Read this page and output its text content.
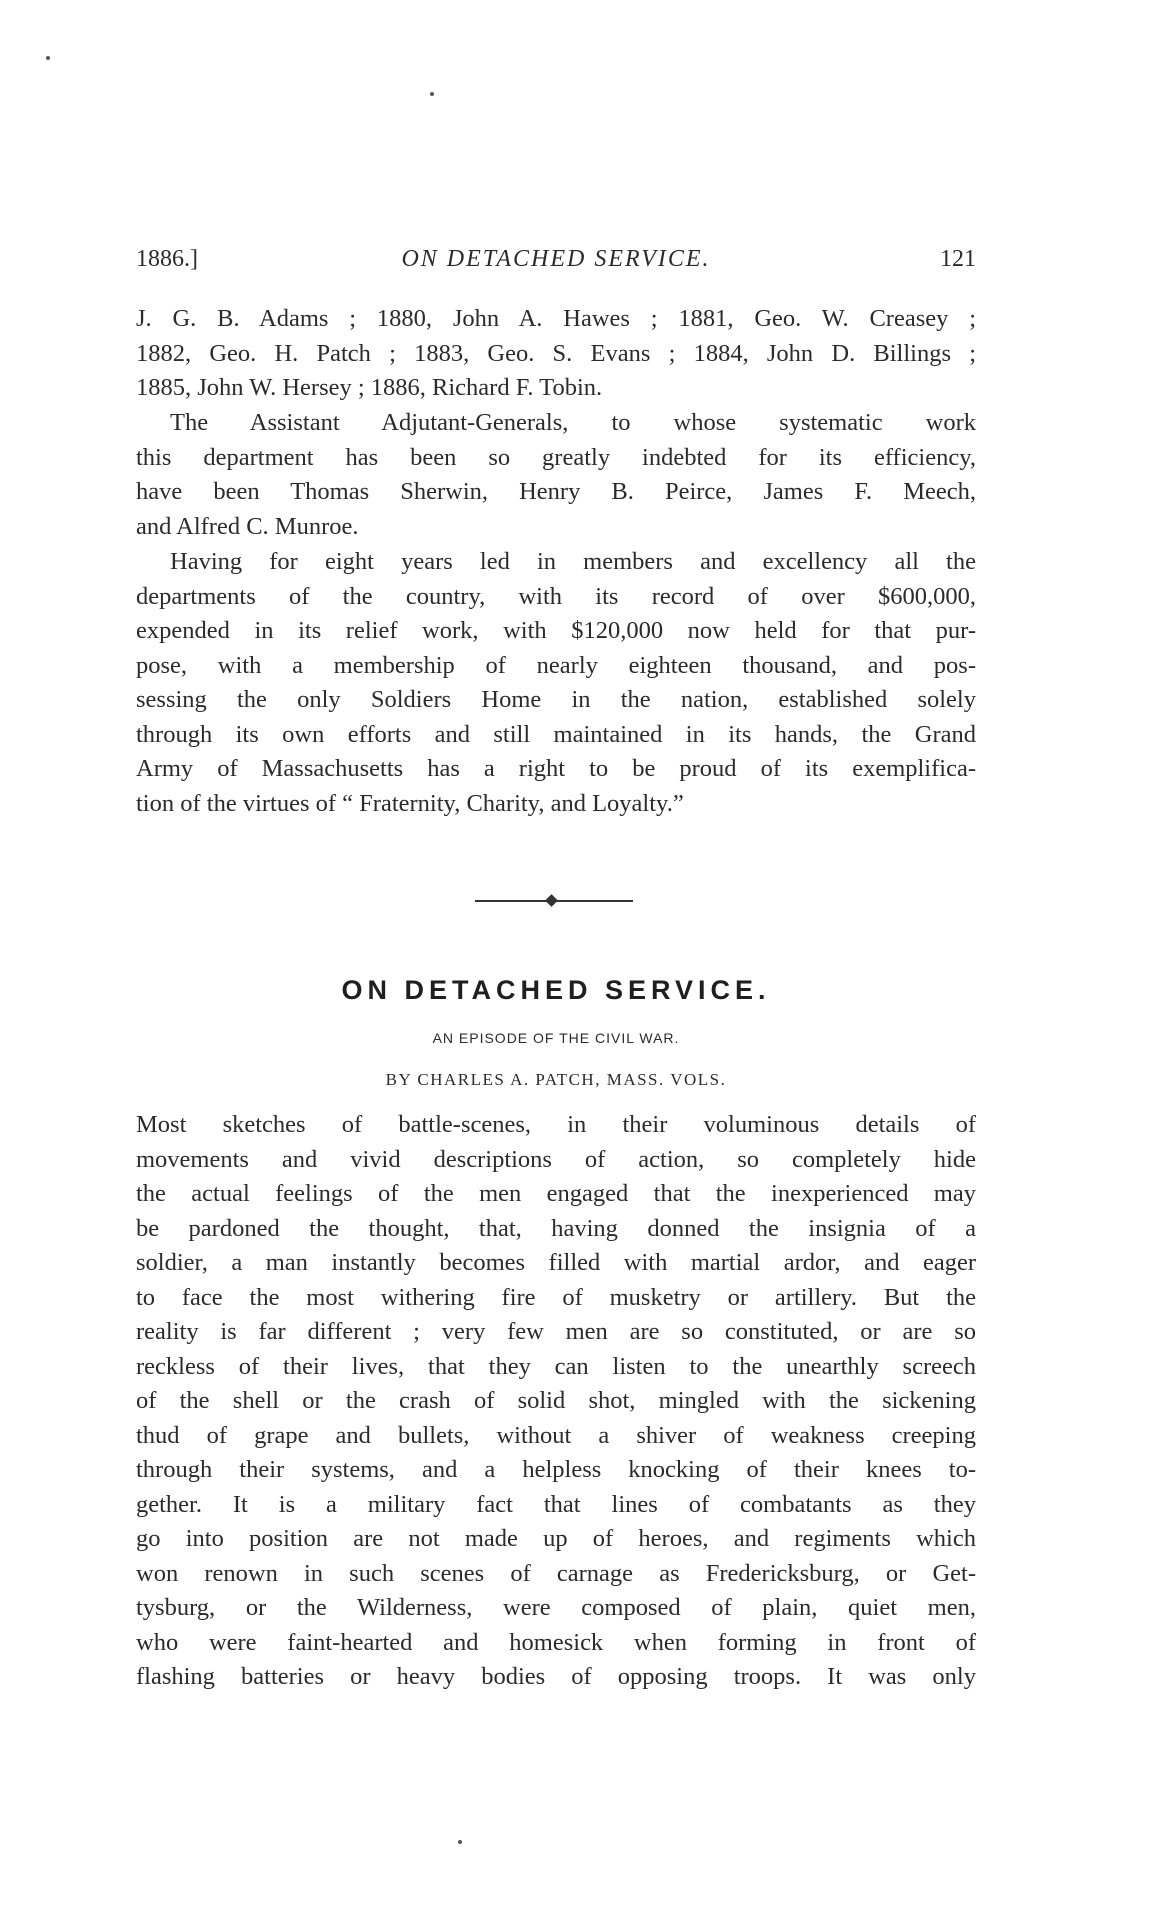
1886.]	ON DETACHED SERVICE.	121
J. G. B. Adams ; 1880, John A. Hawes ; 1881, Geo. W. Creasey ;
1882, Geo. H. Patch ; 1883, Geo. S. Evans ; 1884, John D. Billings ;
1885, John W. Hersey ; 1886, Richard F. Tobin.
The Assistant Adjutant-Generals, to whose systematic work
this department has been so greatly indebted for its efficiency,
have been Thomas Sherwin, Henry B. Peirce, James F. Meech,
and Alfred C. Munroe.
Having for eight years led in members and excellency all the
departments of the country, with its record of over $600,000,
expended in its relief work, with $120,000 now held for that pur-
pose, with a membership of nearly eighteen thousand, and pos-
sessing the only Soldiers Home in the nation, established solely
through its own efforts and still maintained in its hands, the Grand
Army of Massachusetts has a right to be proud of its exemplifica-
tion of the virtues of “ Fraternity, Charity, and Loyalty.”
ON DETACHED SERVICE.
AN EPISODE OF THE CIVIL WAR.
BY CHARLES A. PATCH, MASS. VOLS.
Most sketches of battle-scenes, in their voluminous details of
movements and vivid descriptions of action, so completely hide
the actual feelings of the men engaged that the inexperienced may
be pardoned the thought, that, having donned the insignia of a
soldier, a man instantly becomes filled with martial ardor, and eager
to face the most withering fire of musketry or artillery. But the
reality is far different ; very few men are so constituted, or are so
reckless of their lives, that they can listen to the unearthly screech
of the shell or the crash of solid shot, mingled with the sickening
thud of grape and bullets, without a shiver of weakness creeping
through their systems, and a helpless knocking of their knees to-
gether. It is a military fact that lines of combatants as they
go into position are not made up of heroes, and regiments which
won renown in such scenes of carnage as Fredericksburg, or Get-
tysburg, or the Wilderness, were composed of plain, quiet men,
who were faint-hearted and homesick when forming in front of
flashing batteries or heavy bodies of opposing troops. It was only
